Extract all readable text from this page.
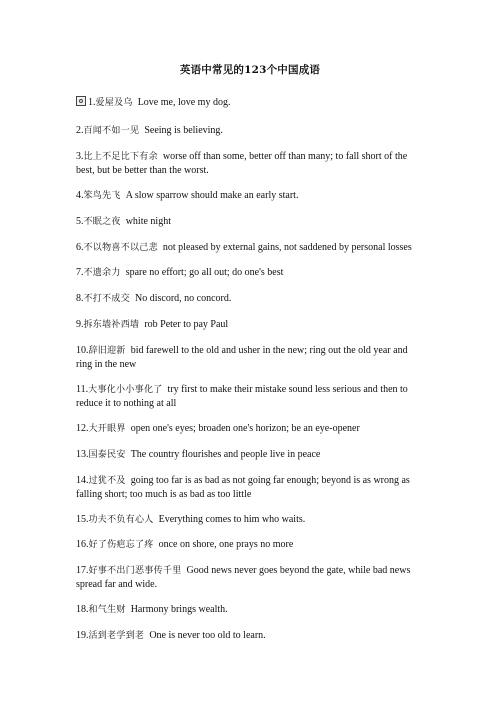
英语中常见的123个中国成语
1.爱屋及乌 Love me, love my dog.
2.百闻不如一见 Seeing is believing.
3.比上不足比下有余 worse off than some, better off than many; to fall short of the best, but be better than the worst.
4.笨鸟先飞 A slow sparrow should make an early start.
5.不眠之夜 white night
6.不以物喜不以己悲 not pleased by external gains, not saddened by personal losses
7.不遗余力 spare no effort; go all out; do one's best
8.不打不成交 No discord, no concord.
9.拆东墙补西墙 rob Peter to pay Paul
10.辞旧迎新 bid farewell to the old and usher in the new; ring out the old year and ring in the new
11.大事化小小事化了 try first to make their mistake sound less serious and then to reduce it to nothing at all
12.大开眼界 open one's eyes; broaden one's horizon; be an eye-opener
13.国泰民安 The country flourishes and people live in peace
14.过犹不及 going too far is as bad as not going far enough; beyond is as wrong as falling short; too much is as bad as too little
15.功夫不负有心人 Everything comes to him who waits.
16.好了伤疤忘了疼 once on shore, one prays no more
17.好事不出门恶事传千里 Good news never goes beyond the gate, while bad news spread far and wide.
18.和气生财 Harmony brings wealth.
19.活到老学到老 One is never too old to learn.
